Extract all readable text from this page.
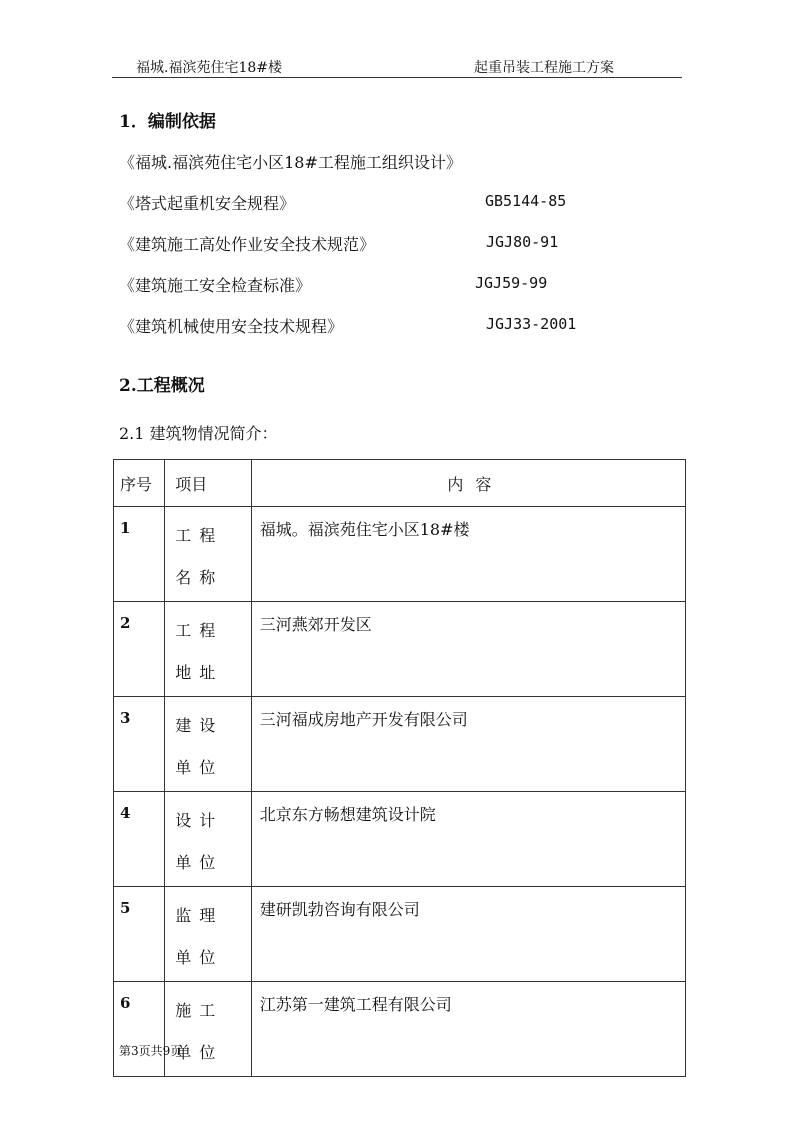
福城.福滨苑住宅18#楼	起重吊装工程施工方案
1．编制依据
《福城.福滨苑住宅小区18#工程施工组织设计》
《塔式起重机安全规程》	GB5144-85
《建筑施工高处作业安全技术规范》	JGJ80-91
《建筑施工安全检查标准》	JGJ59-99
《建筑机械使用安全技术规程》	JGJ33-2001
2.工程概况
2.1 建筑物情况简介：
序号	项目	内 容
1	工程名称	福城。福滨苑住宅小区18#楼
2	工程地址	三河燕郊开发区
3	建设单位	三河福成房地产开发有限公司
4	设计单位	北京东方畅想建筑设计院
5	监理单位	建研凯勃咨询有限公司
6	施工单位	江苏第一建筑工程有限公司
第3页共9页
